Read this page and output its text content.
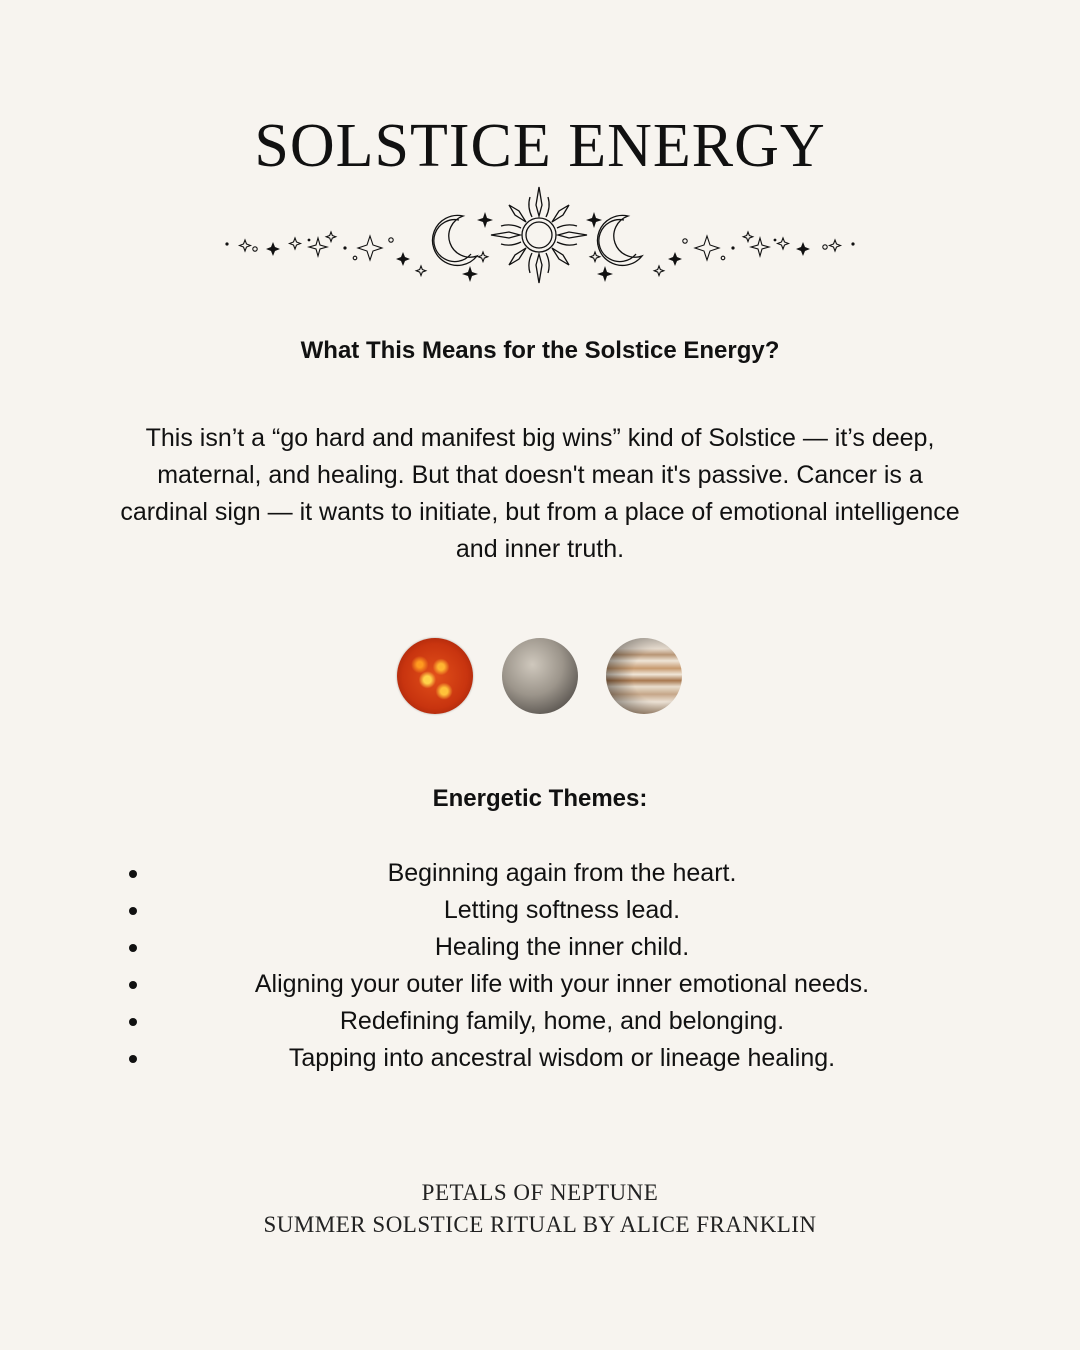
SOLSTICE ENERGY
What This Means for the Solstice Energy?

This isn’t a “go hard and manifest big wins” kind of Solstice — it’s deep, maternal, and healing. But that doesn't mean it's passive. Cancer is a cardinal sign — it wants to initiate, but from a place of emotional intelligence and inner truth.

Energetic Themes:
Beginning again from the heart.
Letting softness lead.
Healing the inner child.
Aligning your outer life with your inner emotional needs.
Redefining family, home, and belonging.
Tapping into ancestral wisdom or lineage healing.

PETALS OF NEPTUNE

SUMMER SOLSTICE RITUAL BY ALICE FRANKLIN
